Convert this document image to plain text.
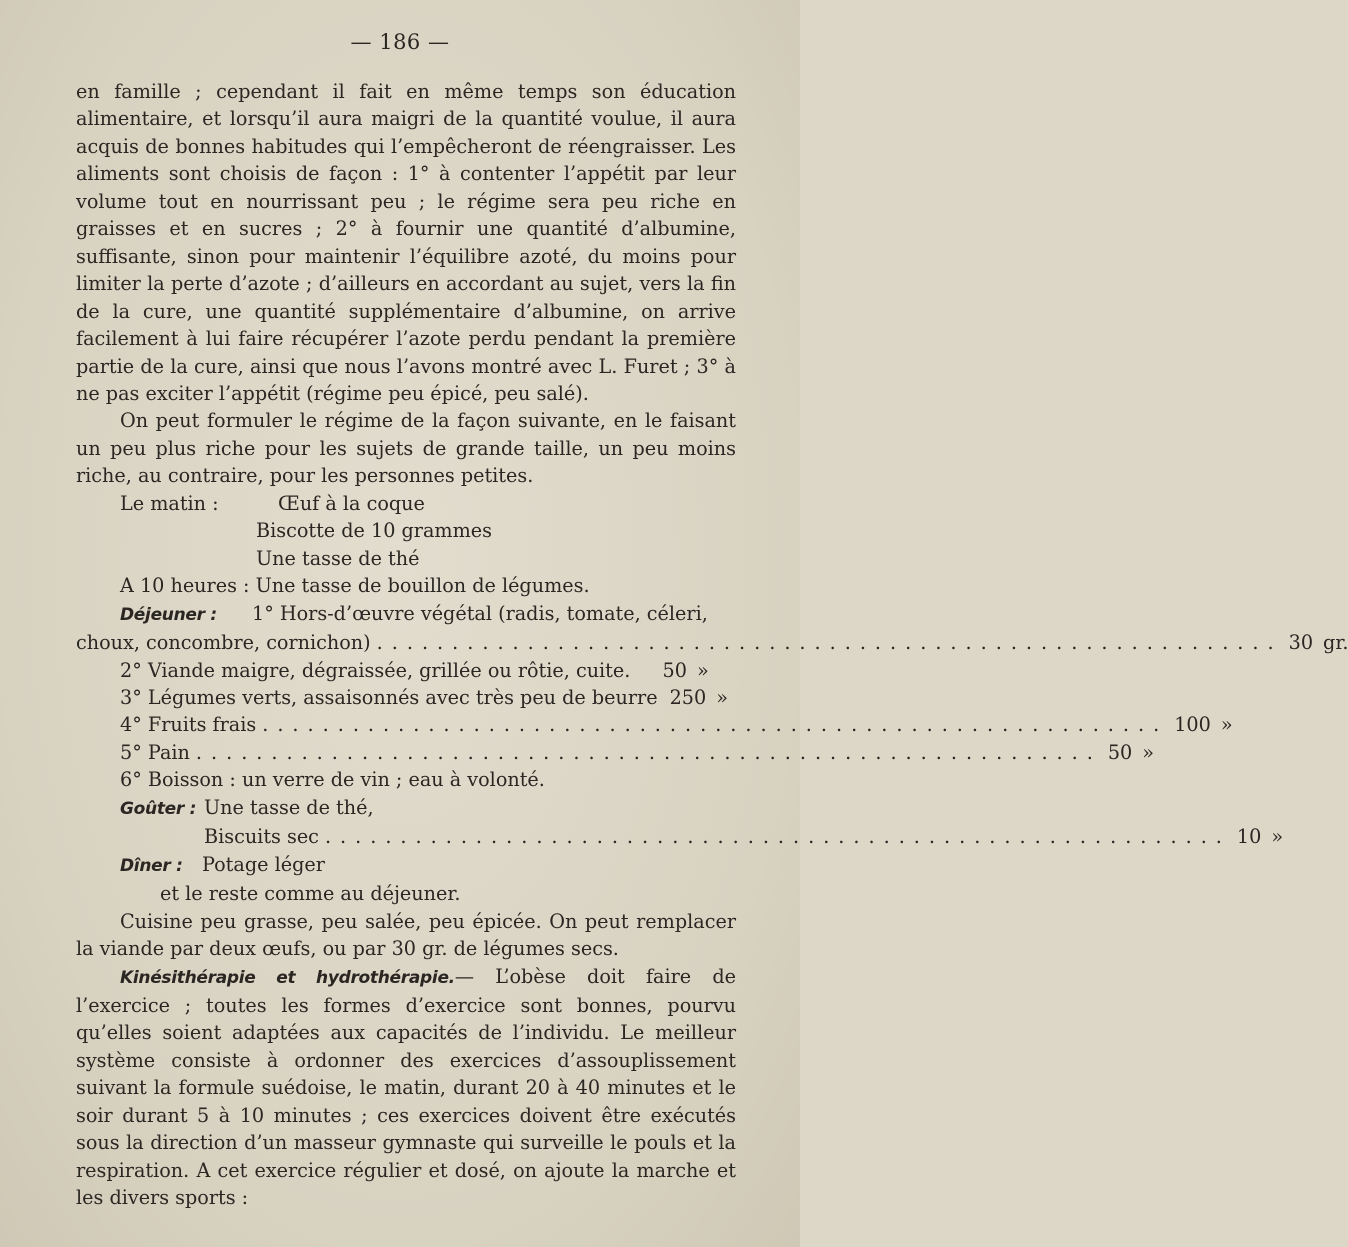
— 186 —

en famille ; cependant il fait en même temps son éducation alimentaire, et lorsqu’il aura maigri de la quantité voulue, il aura acquis de bonnes habitudes qui l’empêcheront de réengraisser. Les aliments sont choisis de façon : 1° à contenter l’appétit par leur volume tout en nourrissant peu ; le régime sera peu riche en graisses et en sucres ; 2° à fournir une quantité d’albumine, suffisante, sinon pour maintenir l’équilibre azoté, du moins pour limiter la perte d’azote ; d’ailleurs en accordant au sujet, vers la fin de la cure, une quantité supplémentaire d’albumine, on arrive facilement à lui faire récupérer l’azote perdu pendant la première partie de la cure, ainsi que nous l’avons montré avec L. Furet ; 3° à ne pas exciter l’appétit (régime peu épicé, peu salé).

On peut formuler le régime de la façon suivante, en le faisant un peu plus riche pour les sujets de grande taille, un peu moins riche, au contraire, pour les personnes petites.

Le matin :	Œuf à la coque
Biscotte de 10 grammes
Une tasse de thé
A 10 heures : Une tasse de bouillon de légumes.
Déjeuner : 1° Hors-d’œuvre végétal (radis, tomate, céleri,
choux, concombre, cornichon) ............................................................ 30 gr.
2° Viande maigre, dégraissée, grillée ou rôtie, cuite.	50 »
3° Légumes verts, assaisonnés avec très peu de beurre 250 »
4° Fruits frais ............................................................ 100 »
5° Pain ............................................................ 50 »
6° Boisson : un verre de vin ; eau à volonté.
Goûter : Une tasse de thé,
Biscuits sec ............................................................ 10 »
Dîner : Potage léger
et le reste comme au déjeuner.

Cuisine peu grasse, peu salée, peu épicée. On peut remplacer la viande par deux œufs, ou par 30 gr. de légumes secs.

Kinésithérapie et hydrothérapie.— L’obèse doit faire de l’exercice ; toutes les formes d’exercice sont bonnes, pourvu qu’elles soient adaptées aux capacités de l’individu. Le meilleur système consiste à ordonner des exercices d’assouplissement suivant la formule suédoise, le matin, durant 20 à 40 minutes et le soir durant 5 à 10 minutes ; ces exercices doivent être exécutés sous la direction d’un masseur gymnaste qui surveille le pouls et la respiration. A cet exercice régulier et dosé, on ajoute la marche et les divers sports :
